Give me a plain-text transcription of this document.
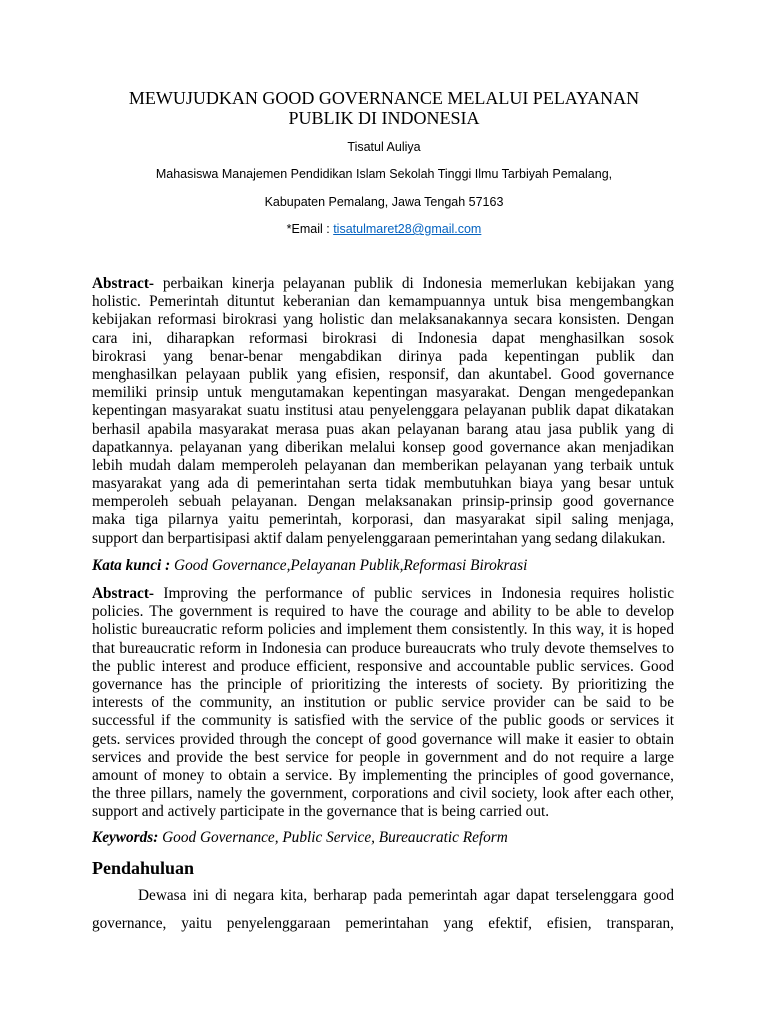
MEWUJUDKAN GOOD GOVERNANCE MELALUI PELAYANAN
PUBLIK DI INDONESIA
Tisatul Auliya
Mahasiswa Manajemen Pendidikan Islam Sekolah Tinggi Ilmu Tarbiyah Pemalang,
Kabupaten Pemalang, Jawa Tengah 57163
*Email : tisatulmaret28@gmail.com
Abstract- perbaikan kinerja pelayanan publik di Indonesia memerlukan kebijakan yang
holistic. Pemerintah dituntut keberanian dan kemampuannya untuk bisa mengembangkan
kebijakan reformasi birokrasi yang holistic dan melaksanakannya secara konsisten. Dengan
cara ini, diharapkan reformasi birokrasi di Indonesia dapat menghasilkan sosok
birokrasi yang benar-benar mengabdikan dirinya pada kepentingan publik dan
menghasilkan pelayaan publik yang efisien, responsif, dan akuntabel. Good governance
memiliki prinsip untuk mengutamakan kepentingan masyarakat. Dengan mengedepankan
kepentingan masyarakat suatu institusi atau penyelenggara pelayanan publik dapat dikatakan
berhasil apabila masyarakat merasa puas akan pelayanan barang atau jasa publik yang di
dapatkannya. pelayanan yang diberikan melalui konsep good governance akan menjadikan
lebih mudah dalam memperoleh pelayanan dan memberikan pelayanan yang terbaik untuk
masyarakat yang ada di pemerintahan serta tidak membutuhkan biaya yang besar untuk
memperoleh sebuah pelayanan. Dengan melaksanakan prinsip-prinsip good governance
maka tiga pilarnya yaitu pemerintah, korporasi, dan masyarakat sipil saling menjaga,
support dan berpartisipasi aktif dalam penyelenggaraan pemerintahan yang sedang dilakukan.
Kata kunci : Good Governance,Pelayanan Publik,Reformasi Birokrasi
Abstract- Improving the performance of public services in Indonesia requires holistic
policies. The government is required to have the courage and ability to be able to develop
holistic bureaucratic reform policies and implement them consistently. In this way, it is hoped
that bureaucratic reform in Indonesia can produce bureaucrats who truly devote themselves to
the public interest and produce efficient, responsive and accountable public services. Good
governance has the principle of prioritizing the interests of society. By prioritizing the
interests of the community, an institution or public service provider can be said to be
successful if the community is satisfied with the service of the public goods or services it
gets. services provided through the concept of good governance will make it easier to obtain
services and provide the best service for people in government and do not require a large
amount of money to obtain a service. By implementing the principles of good governance,
the three pillars, namely the government, corporations and civil society, look after each other,
support and actively participate in the governance that is being carried out.
Keywords: Good Governance, Public Service, Bureaucratic Reform
Pendahuluan
Dewasa ini di negara kita, berharap pada pemerintah agar dapat terselenggara good
governance, yaitu penyelenggaraan pemerintahan yang efektif, efisien, transparan,
